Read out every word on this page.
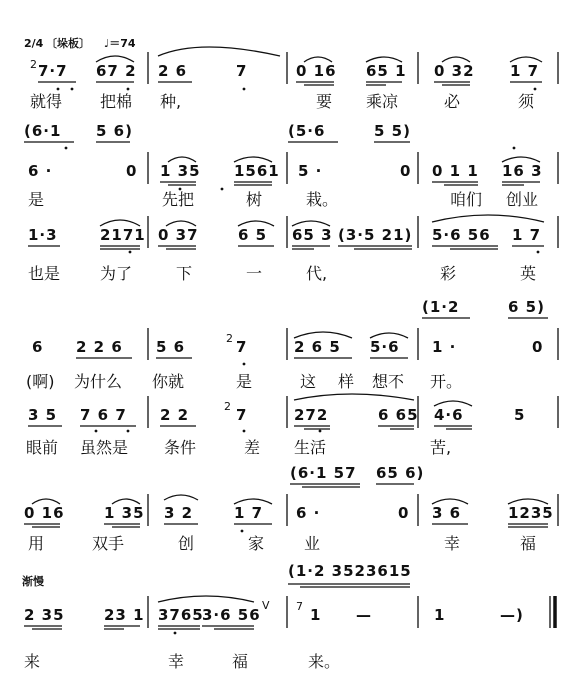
2/4 〔垛板〕 ♩＝74
2 7·7 67 2 2 6	7	0 16 65 1 0 32 1 7
就得 把棉 种,	要 乘凉	必	须
(6·1 5 6)	(5·6	5 5)
6 ·	0 1 35 1561 5 ·	0 0 1 1 16 3
是	先把	树	栽。	咱们 创业
1·3	2171 0 37	6 5 65 3 (3·5 21) 5·6 56 1 7
也是 为了	下	一	代,	彩	英
(1·2	6 5)
6 2 2 6 5 6	2 7	2 6 5 5·6 1 ·	0
(啊) 为什么 你就	是	这 样 想不 开。
3 5 7 6 7 2 2	2 7	272	6 65 4·6	5
眼前 虽然是 条件	差 生活	苦,
(6·1 57 65 6)
0 16	1 35 3 2	1 7 6 ·	0 3 6	1235
用	双手	创	家 业	幸	福
渐慢
(1·2 3523615
2 35	23 1 3765
3·6 56
V 7 1 —	1	—)
来	幸	福	来。
